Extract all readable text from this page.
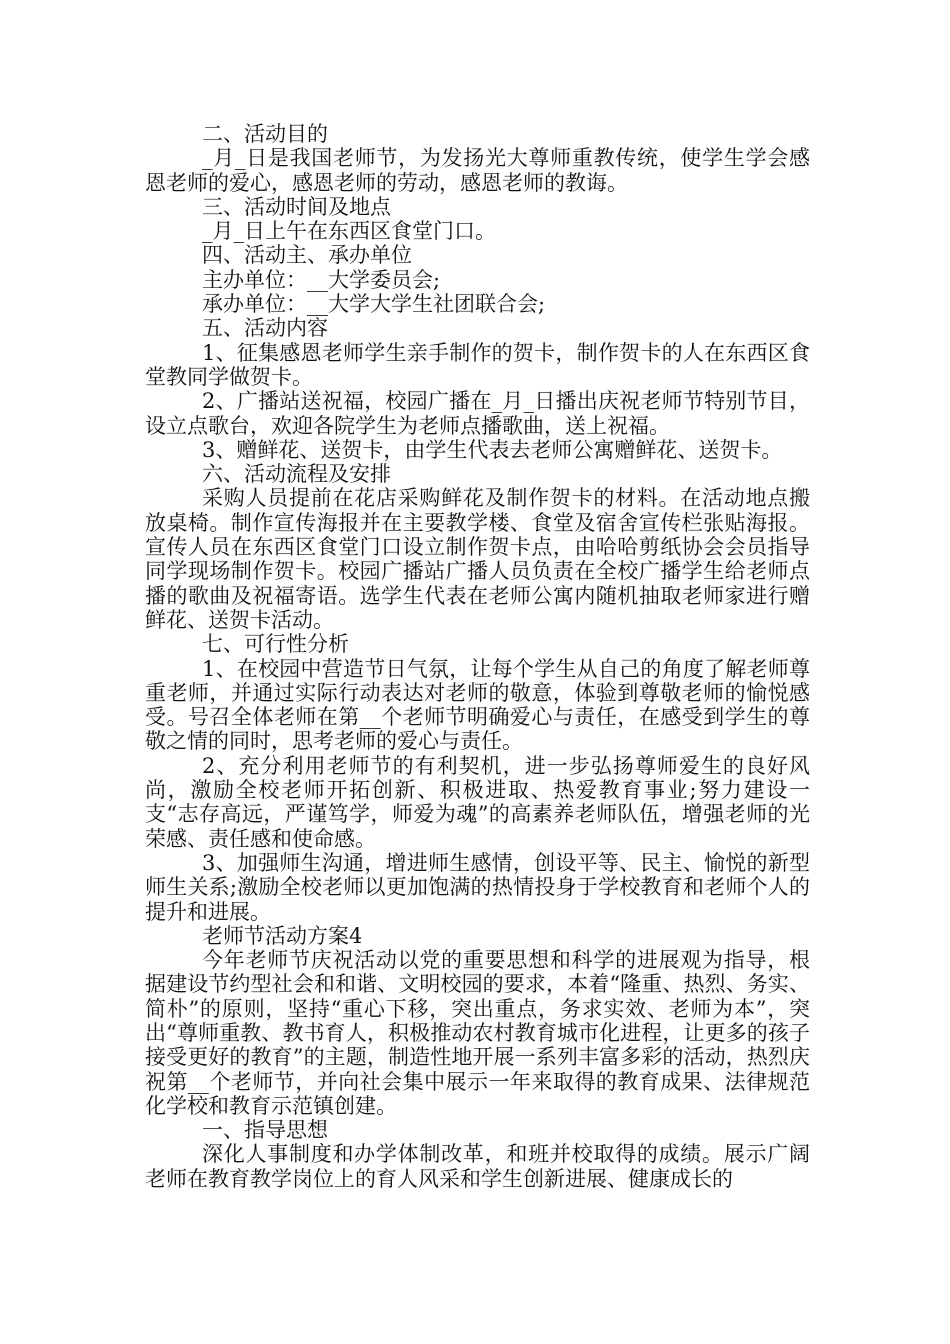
二、活动目的

_月_日是我国老师节，为发扬光大尊师重教传统，使学生学会感恩老师的爱心，感恩老师的劳动，感恩老师的教诲。

三、活动时间及地点

_月_日上午在东西区食堂门口。

四、活动主、承办单位

主办单位：__大学委员会;

承办单位：__大学大学生社团联合会;

五、活动内容

1、征集感恩老师学生亲手制作的贺卡，制作贺卡的人在东西区食堂教同学做贺卡。

2、广播站送祝福，校园广播在_月_日播出庆祝老师节特别节目，设立点歌台，欢迎各院学生为老师点播歌曲，送上祝福。

3、赠鲜花、送贺卡，由学生代表去老师公寓赠鲜花、送贺卡。

六、活动流程及安排

采购人员提前在花店采购鲜花及制作贺卡的材料。在活动地点搬放桌椅。制作宣传海报并在主要教学楼、食堂及宿舍宣传栏张贴海报。宣传人员在东西区食堂门口设立制作贺卡点，由哈哈剪纸协会会员指导同学现场制作贺卡。校园广播站广播人员负责在全校广播学生给老师点播的歌曲及祝福寄语。选学生代表在老师公寓内随机抽取老师家进行赠鲜花、送贺卡活动。

七、可行性分析

1、在校园中营造节日气氛，让每个学生从自己的角度了解老师尊重老师，并通过实际行动表达对老师的敬意，体验到尊敬老师的愉悦感受。号召全体老师在第__个老师节明确爱心与责任，在感受到学生的尊敬之情的同时，思考老师的爱心与责任。

2、充分利用老师节的有利契机，进一步弘扬尊师爱生的良好风尚，激励全校老师开拓创新、积极进取、热爱教育事业;努力建设一支“志存高远，严谨笃学，师爱为魂”的高素养老师队伍，增强老师的光荣感、责任感和使命感。

3、加强师生沟通，增进师生感情，创设平等、民主、愉悦的新型师生关系;激励全校老师以更加饱满的热情投身于学校教育和老师个人的提升和进展。

老师节活动方案4

今年老师节庆祝活动以党的重要思想和科学的进展观为指导，根据建设节约型社会和和谐、文明校园的要求，本着“隆重、热烈、务实、简朴”的原则，坚持“重心下移，突出重点，务求实效、老师为本”，突出“尊师重教、教书育人，积极推动农村教育城市化进程，让更多的孩子接受更好的教育”的主题，制造性地开展一系列丰富多彩的活动，热烈庆祝第__个老师节，并向社会集中展示一年来取得的教育成果、法律规范化学校和教育示范镇创建。

一、指导思想

深化人事制度和办学体制改革，和班并校取得的成绩。展示广阔老师在教育教学岗位上的育人风采和学生创新进展、健康成长的
